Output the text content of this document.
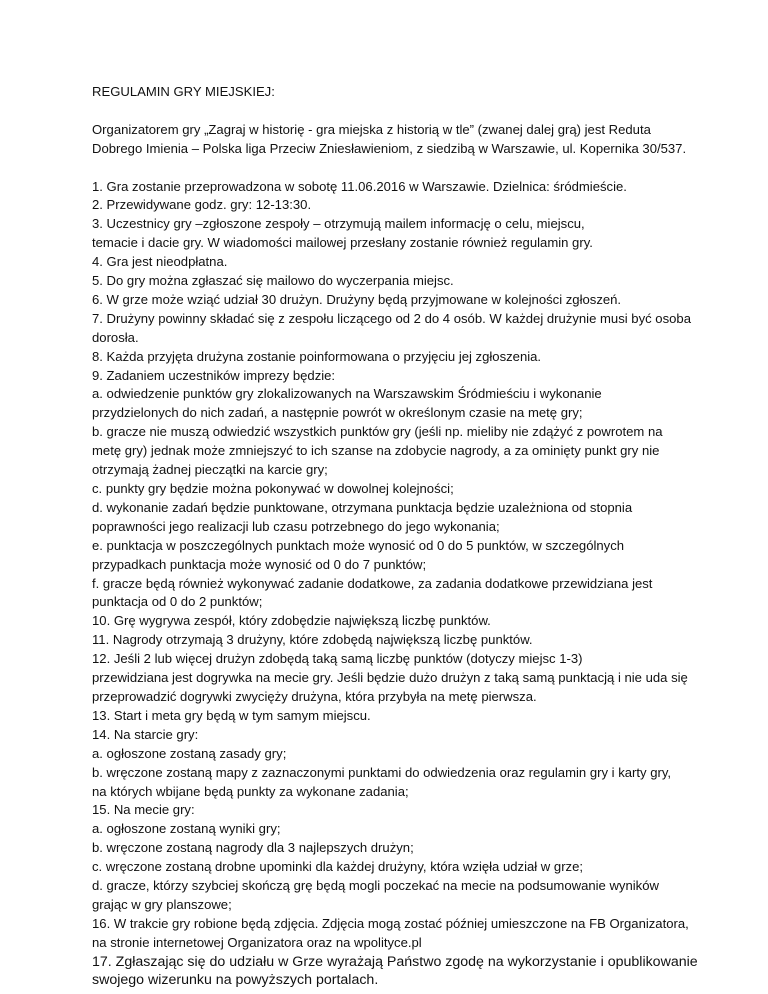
REGULAMIN GRY MIEJSKIEJ:

Organizatorem gry „Zagraj w historię - gra miejska z historią w tle” (zwanej dalej grą) jest Reduta
Dobrego Imienia – Polska liga Przeciw Zniesławieniom, z siedzibą w Warszawie, ul. Kopernika 30/537.

1. Gra zostanie przeprowadzona w sobotę 11.06.2016 w Warszawie. Dzielnica: śródmieście.
2. Przewidywane godz. gry: 12-13:30.
3. Uczestnicy gry –zgłoszone zespoły – otrzymują mailem informację o celu, miejscu,
temacie i dacie gry. W wiadomości mailowej przesłany zostanie również regulamin gry.
4. Gra jest nieodpłatna.
5. Do gry można zgłaszać się mailowo do wyczerpania miejsc.
6. W grze może wziąć udział 30 drużyn. Drużyny będą przyjmowane w kolejności zgłoszeń.
7. Drużyny powinny składać się z zespołu liczącego od 2 do 4 osób. W każdej drużynie musi być osoba
dorosła.
8. Każda przyjęta drużyna zostanie poinformowana o przyjęciu jej zgłoszenia.
9. Zadaniem uczestników imprezy będzie:
a. odwiedzenie punktów gry zlokalizowanych na Warszawskim Śródmieściu i wykonanie
przydzielonych do nich zadań, a następnie powrót w określonym czasie na metę gry;
b. gracze nie muszą odwiedzić wszystkich punktów gry (jeśli np. mieliby nie zdążyć z powrotem na
metę gry) jednak może zmniejszyć to ich szanse na zdobycie nagrody, a za ominięty punkt gry nie
otrzymają żadnej pieczątki na karcie gry;
c. punkty gry będzie można pokonywać w dowolnej kolejności;
d. wykonanie zadań będzie punktowane, otrzymana punktacja będzie uzależniona od stopnia
poprawności jego realizacji lub czasu potrzebnego do jego wykonania;
e. punktacja w poszczególnych punktach może wynosić od 0 do 5 punktów, w szczególnych
przypadkach punktacja może wynosić od 0 do 7 punktów;
f. gracze będą również wykonywać zadanie dodatkowe, za zadania dodatkowe przewidziana jest
punktacja od 0 do 2 punktów;
10. Grę wygrywa zespół, który zdobędzie największą liczbę punktów.
11. Nagrody otrzymają 3 drużyny, które zdobędą największą liczbę punktów.
12. Jeśli 2 lub więcej drużyn zdobędą taką samą liczbę punktów (dotyczy miejsc 1-3)
przewidziana jest dogrywka na mecie gry. Jeśli będzie dużo drużyn z taką samą punktacją i nie uda się
przeprowadzić dogrywki zwycięży drużyna, która przybyła na metę pierwsza.
13. Start i meta gry będą w tym samym miejscu.
14. Na starcie gry:
a. ogłoszone zostaną zasady gry;
b. wręczone zostaną mapy z zaznaczonymi punktami do odwiedzenia oraz regulamin gry i karty gry,
na których wbijane będą punkty za wykonane zadania;
15. Na mecie gry:
a. ogłoszone zostaną wyniki gry;
b. wręczone zostaną nagrody dla 3 najlepszych drużyn;
c. wręczone zostaną drobne upominki dla każdej drużyny, która wzięła udział w grze;
d. gracze, którzy szybciej skończą grę będą mogli poczekać na mecie na podsumowanie wyników
grając w gry planszowe;
16. W trakcie gry robione będą zdjęcia. Zdjęcia mogą zostać później umieszczone na FB Organizatora,
na stronie internetowej Organizatora oraz na wpolityce.pl
17. Zgłaszając się do udziału w Grze wyrażają Państwo zgodę na wykorzystanie i opublikowanie
swojego wizerunku na powyższych portalach.
